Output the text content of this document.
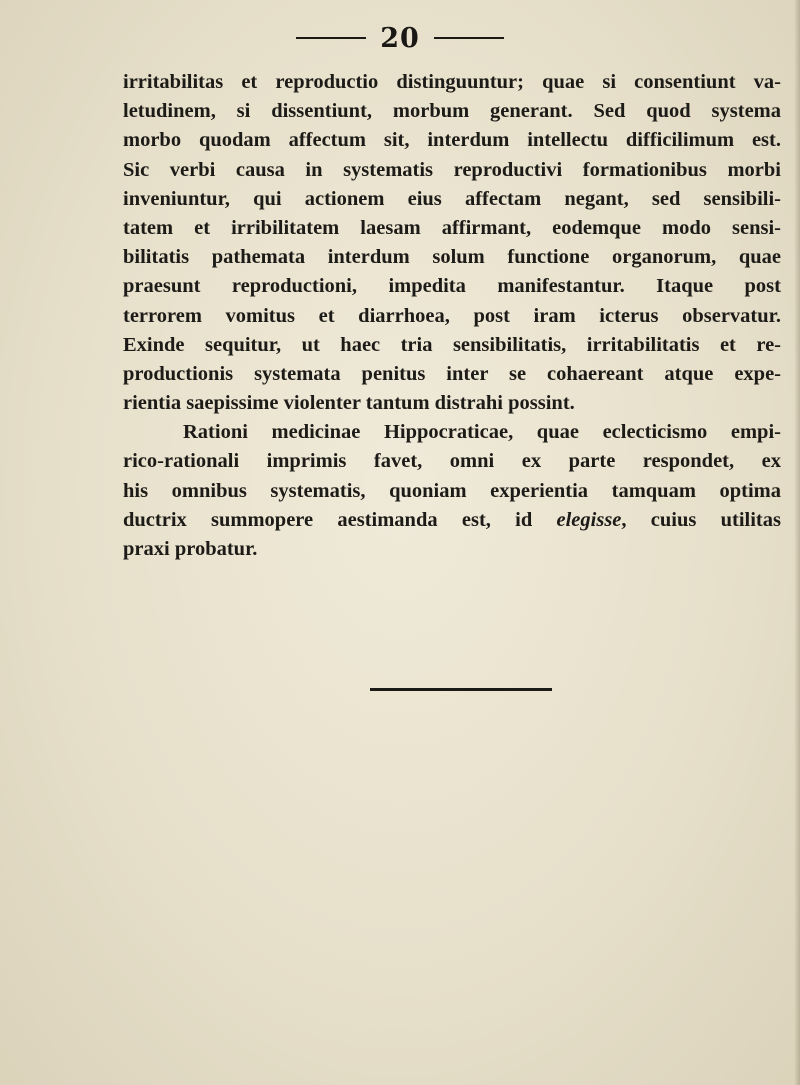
20
irritabilitas et reproductio distinguuntur; quae si consentiunt va-
letudinem, si dissentiunt, morbum generant. Sed quod systema
morbo quodam affectum sit, interdum intellectu difficilimum est.
Sic verbi causa in systematis reproductivi formationibus morbi
inveniuntur, qui actionem eius affectam negant, sed sensibili-
tatem et irribilitatem laesam affirmant, eodemque modo sensi-
bilitatis pathemata interdum solum functione organorum, quae
praesunt reproductioni, impedita manifestantur. Itaque post
terrorem vomitus et diarrhoea, post iram icterus observatur.
Exinde sequitur, ut haec tria sensibilitatis, irritabilitatis et re-
productionis systemata penitus inter se cohaereant atque expe-
rientia saepissime violenter tantum distrahi possint.
Rationi medicinae Hippocraticae, quae eclecticismo empi-
rico-rationali imprimis favet, omni ex parte respondet, ex
his omnibus systematis, quoniam experientia tamquam optima
ductrix summopere aestimanda est, id elegisse, cuius utilitas
praxi probatur.
